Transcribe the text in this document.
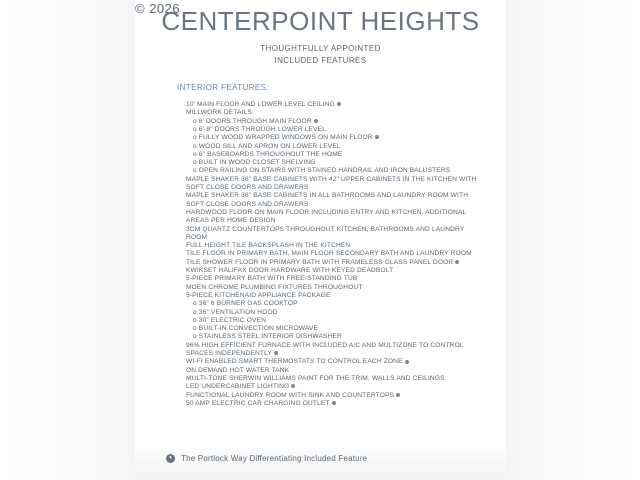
© 2026
CENTERPOINT HEIGHTS
THOUGHTFULLY APPOINTED
INCLUDED FEATURES
INTERIOR FEATURES:
10' MAIN FLOOR AND LOWER LEVEL CEILING
MILLWORK DETAILS:
o 8' DOORS THROUGH MAIN FLOOR
o 6'-8" DOORS THROUGH LOWER LEVEL
o FULLY WOOD WRAPPED WINDOWS ON MAIN FLOOR
o WOOD SILL AND APRON ON LOWER LEVEL
o 6" BASEBOARDS THROUGHOUT THE HOME
o BUILT IN WOOD CLOSET SHELVING
o OPEN RAILING ON STAIRS WITH STAINED HANDRAIL AND IRON BALUSTERS
MAPLE SHAKER 36" BASE CABINETS WITH 42" UPPER CABINETS IN THE KITCHEN WITH
SOFT CLOSE DOORS AND DRAWERS
MAPLE SHAKER 36" BASE CABINETS IN ALL BATHROOMS AND LAUNDRY ROOM WITH
SOFT CLOSE DOORS AND DRAWERS
HARDWOOD FLOOR ON MAIN FLOOR INCLUDING ENTRY AND KITCHEN, ADDITIONAL
AREAS PER HOME DESIGN
3CM QUARTZ COUNTERTOPS THROUGHOUT KITCHEN, BATHROOMS AND LAUNDRY
ROOM
FULL HEIGHT TILE BACKSPLASH IN THE KITCHEN
TILE FLOOR IN PRIMARY BATH, MAIN FLOOR SECONDARY BATH AND LAUNDRY ROOM
TILE SHOWER FLOOR IN PRIMARY BATH WITH FRAMELESS GLASS PANEL DOOR
KWIKSET HALIFAX DOOR HARDWARE WITH KEYED DEADBOLT
5-PIECE PRIMARY BATH WITH FREE-STANDING TUB
MOEN CHROME PLUMBING FIXTURES THROUGHOUT
5-PIECE KITCHENAID APPLIANCE PACKAGE
o 36" 6 BURNER GAS COOKTOP
o 36" VENTILATION HOOD
o 30" ELECTRIC OVEN
o BUILT-IN CONVECTION MICROWAVE
o STAINLESS STEEL INTERIOR DISHWASHER
96% HIGH EFFICIENT FURNACE WITH INCLUDED A/C AND MULTIZONE TO CONTROL
SPACES INDEPENDENTLY
WI-FI ENABLED SMART THERMOSTATS TO CONTROL EACH ZONE
ON DEMAND HOT WATER TANK
MULTI-TONE SHERWIN WILLIAMS PAINT FOR THE TRIM, WALLS AND CEILINGS
LED UNDERCABINET LIGHTING
FUNCTIONAL LAUNDRY ROOM WITH SINK AND COUNTERTOPS
50 AMP ELECTRIC CAR CHARGING OUTLET
✦	The Portlock Way Differentiating Included Feature
